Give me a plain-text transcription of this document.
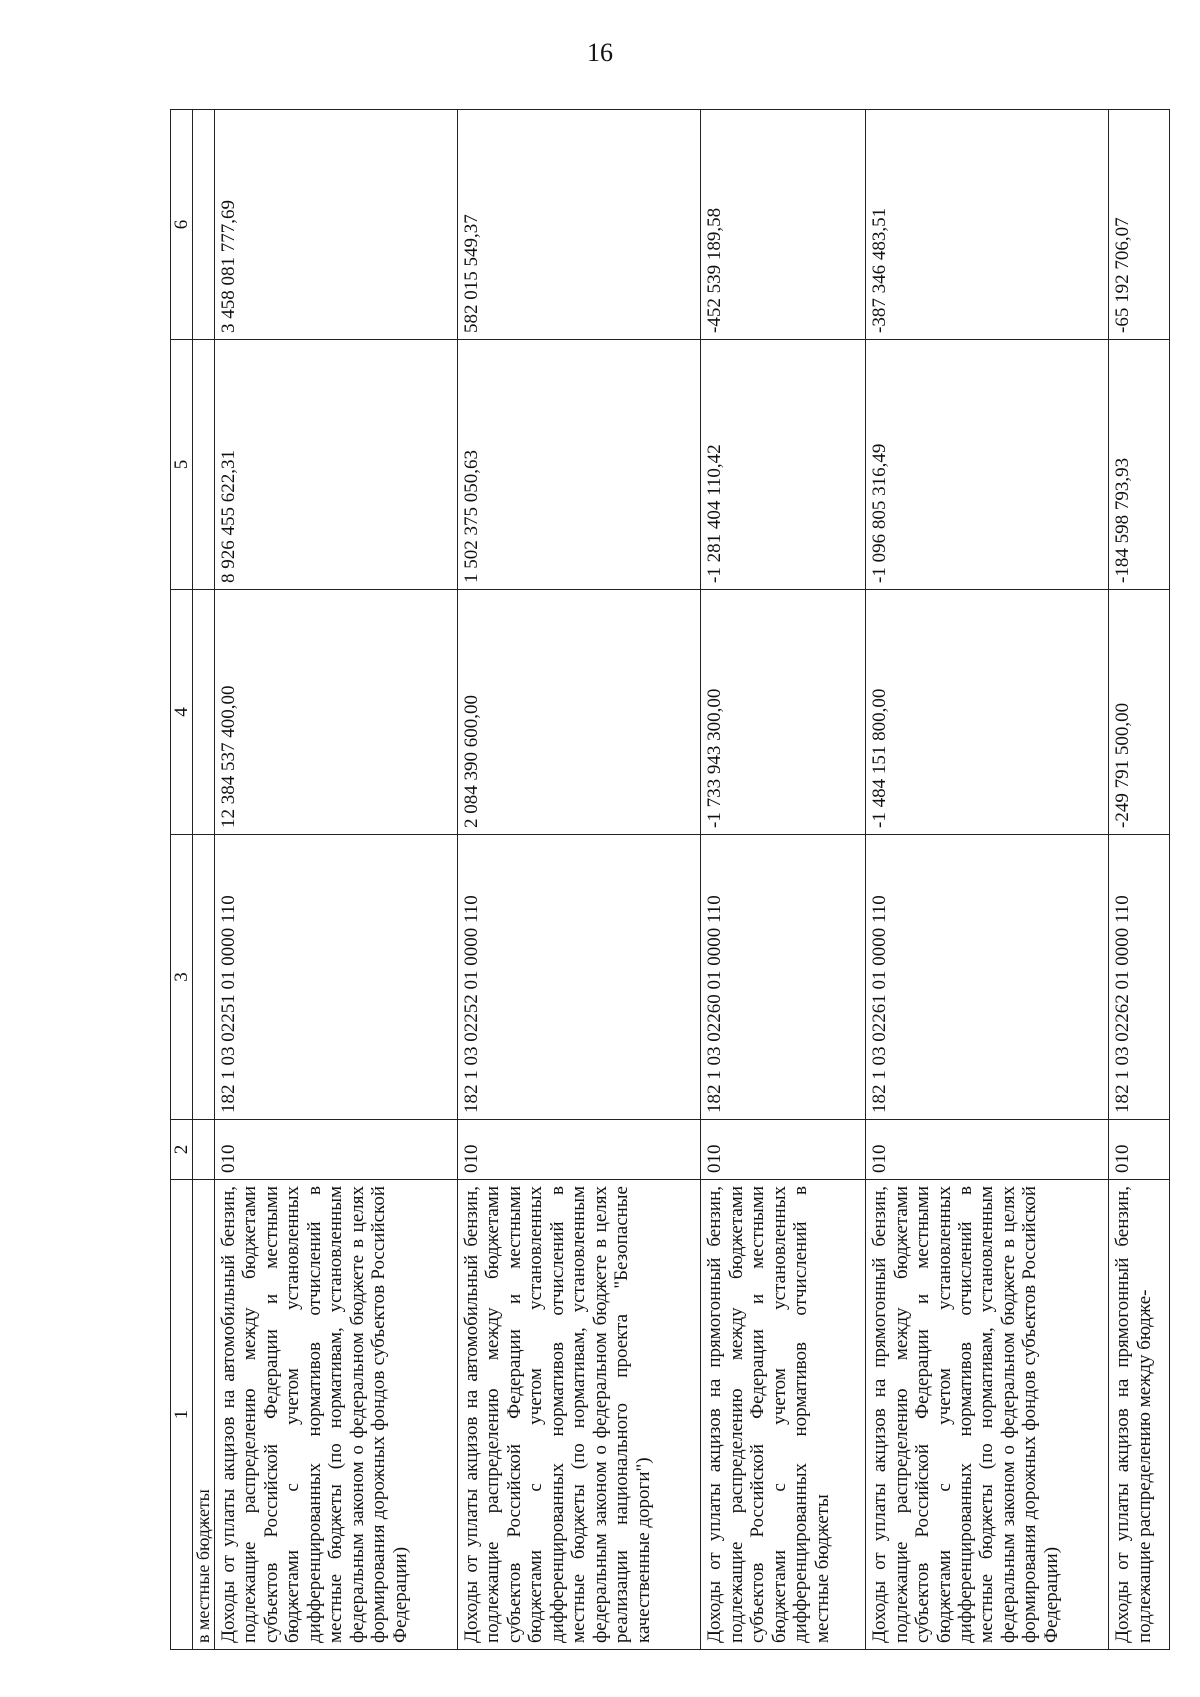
16
1	2	3	4	5	6
в местные бюджеты					
Доходы от уплаты акцизов на автомобильный бензин, подлежащие распределению между бюджетами субъектов Российской Федерации и местными бюджетами с учетом установленных дифференцированных нормативов отчислений в местные бюджеты (по нормативам, установленным федеральным законом о федеральном бюджете в целях формирования дорожных фондов субъектов Российской Федерации)	010	182 1 03 02251 01 0000 110	12 384 537 400,00	8 926 455 622,31	3 458 081 777,69
Доходы от уплаты акцизов на автомобильный бензин, подлежащие распределению между бюджетами субъектов Российской Федерации и местными бюджетами с учетом установленных дифференцированных нормативов отчислений в местные бюджеты (по нормативам, установленным федеральным законом о федеральном бюджете в целях реализации национального проекта "Безопасные качественные дороги")	010	182 1 03 02252 01 0000 110	2 084 390 600,00	1 502 375 050,63	582 015 549,37
Доходы от уплаты акцизов на прямогонный бензин, подлежащие распределению между бюджетами субъектов Российской Федерации и местными бюджетами с учетом установленных дифференцированных нормативов отчислений в местные бюджеты	010	182 1 03 02260 01 0000 110	-1 733 943 300,00	-1 281 404 110,42	-452 539 189,58
Доходы от уплаты акцизов на прямогонный бензин, подлежащие распределению между бюджетами субъектов Российской Федерации и местными бюджетами с учетом установленных дифференцированных нормативов отчислений в местные бюджеты (по нормативам, установленным федеральным законом о федеральном бюджете в целях формирования дорожных фондов субъектов Российской Федерации)	010	182 1 03 02261 01 0000 110	-1 484 151 800,00	-1 096 805 316,49	-387 346 483,51
Доходы от уплаты акцизов на прямогонный бензин, подлежащие распределению между бюдже-	010	182 1 03 02262 01 0000 110	-249 791 500,00	-184 598 793,93	-65 192 706,07
